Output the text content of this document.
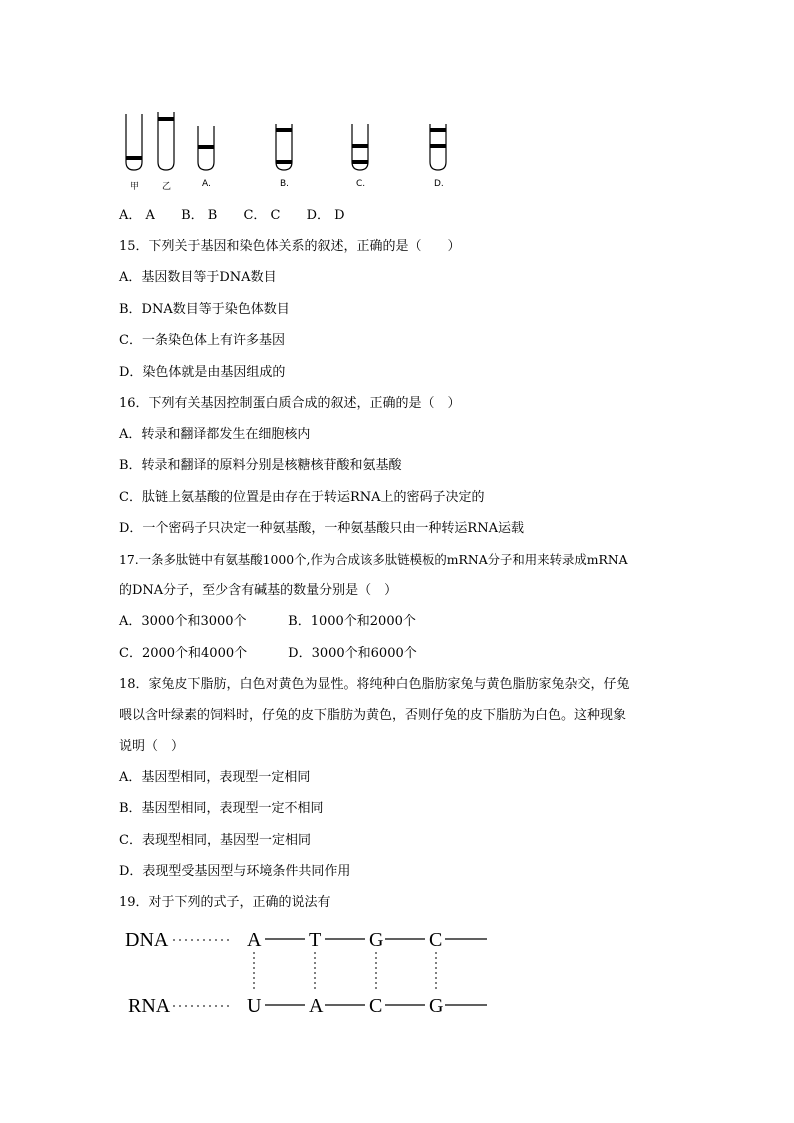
甲	乙	A.	B.	C.	D.
A． A B． B C． C D． D
15．下列关于基因和染色体关系的叙述，正确的是（　　）
A．基因数目等于DNA数目
B．DNA数目等于染色体数目
C．一条染色体上有许多基因
D．染色体就是由基因组成的
16．下列有关基因控制蛋白质合成的叙述，正确的是（　）
A．转录和翻译都发生在细胞核内
B．转录和翻译的原料分别是核糖核苷酸和氨基酸
C．肽链上氨基酸的位置是由存在于转运RNA上的密码子决定的
D．一个密码子只决定一种氨基酸，一种氨基酸只由一种转运RNA运载
17.一条多肽链中有氨基酸1000个,作为合成该多肽链模板的mRNA分子和用来转录成mRNA
的DNA分子，至少含有碱基的数量分别是（　）
A．3000个和3000个	B．1000个和2000个
C．2000个和4000个	D．3000个和6000个
18．家兔皮下脂肪，白色对黄色为显性。将纯种白色脂肪家兔与黄色脂肪家兔杂交，仔兔
喂以含叶绿素的饲料时，仔兔的皮下脂肪为黄色，否则仔兔的皮下脂肪为白色。这种现象
说明（　）
A．基因型相同，表现型一定相同
B．基因型相同，表现型一定不相同
C．表现型相同，基因型一定相同
D．表现型受基因型与环境条件共同作用
19．对于下列的式子，正确的说法有
DNA
RNA
A T G C
U A C G
